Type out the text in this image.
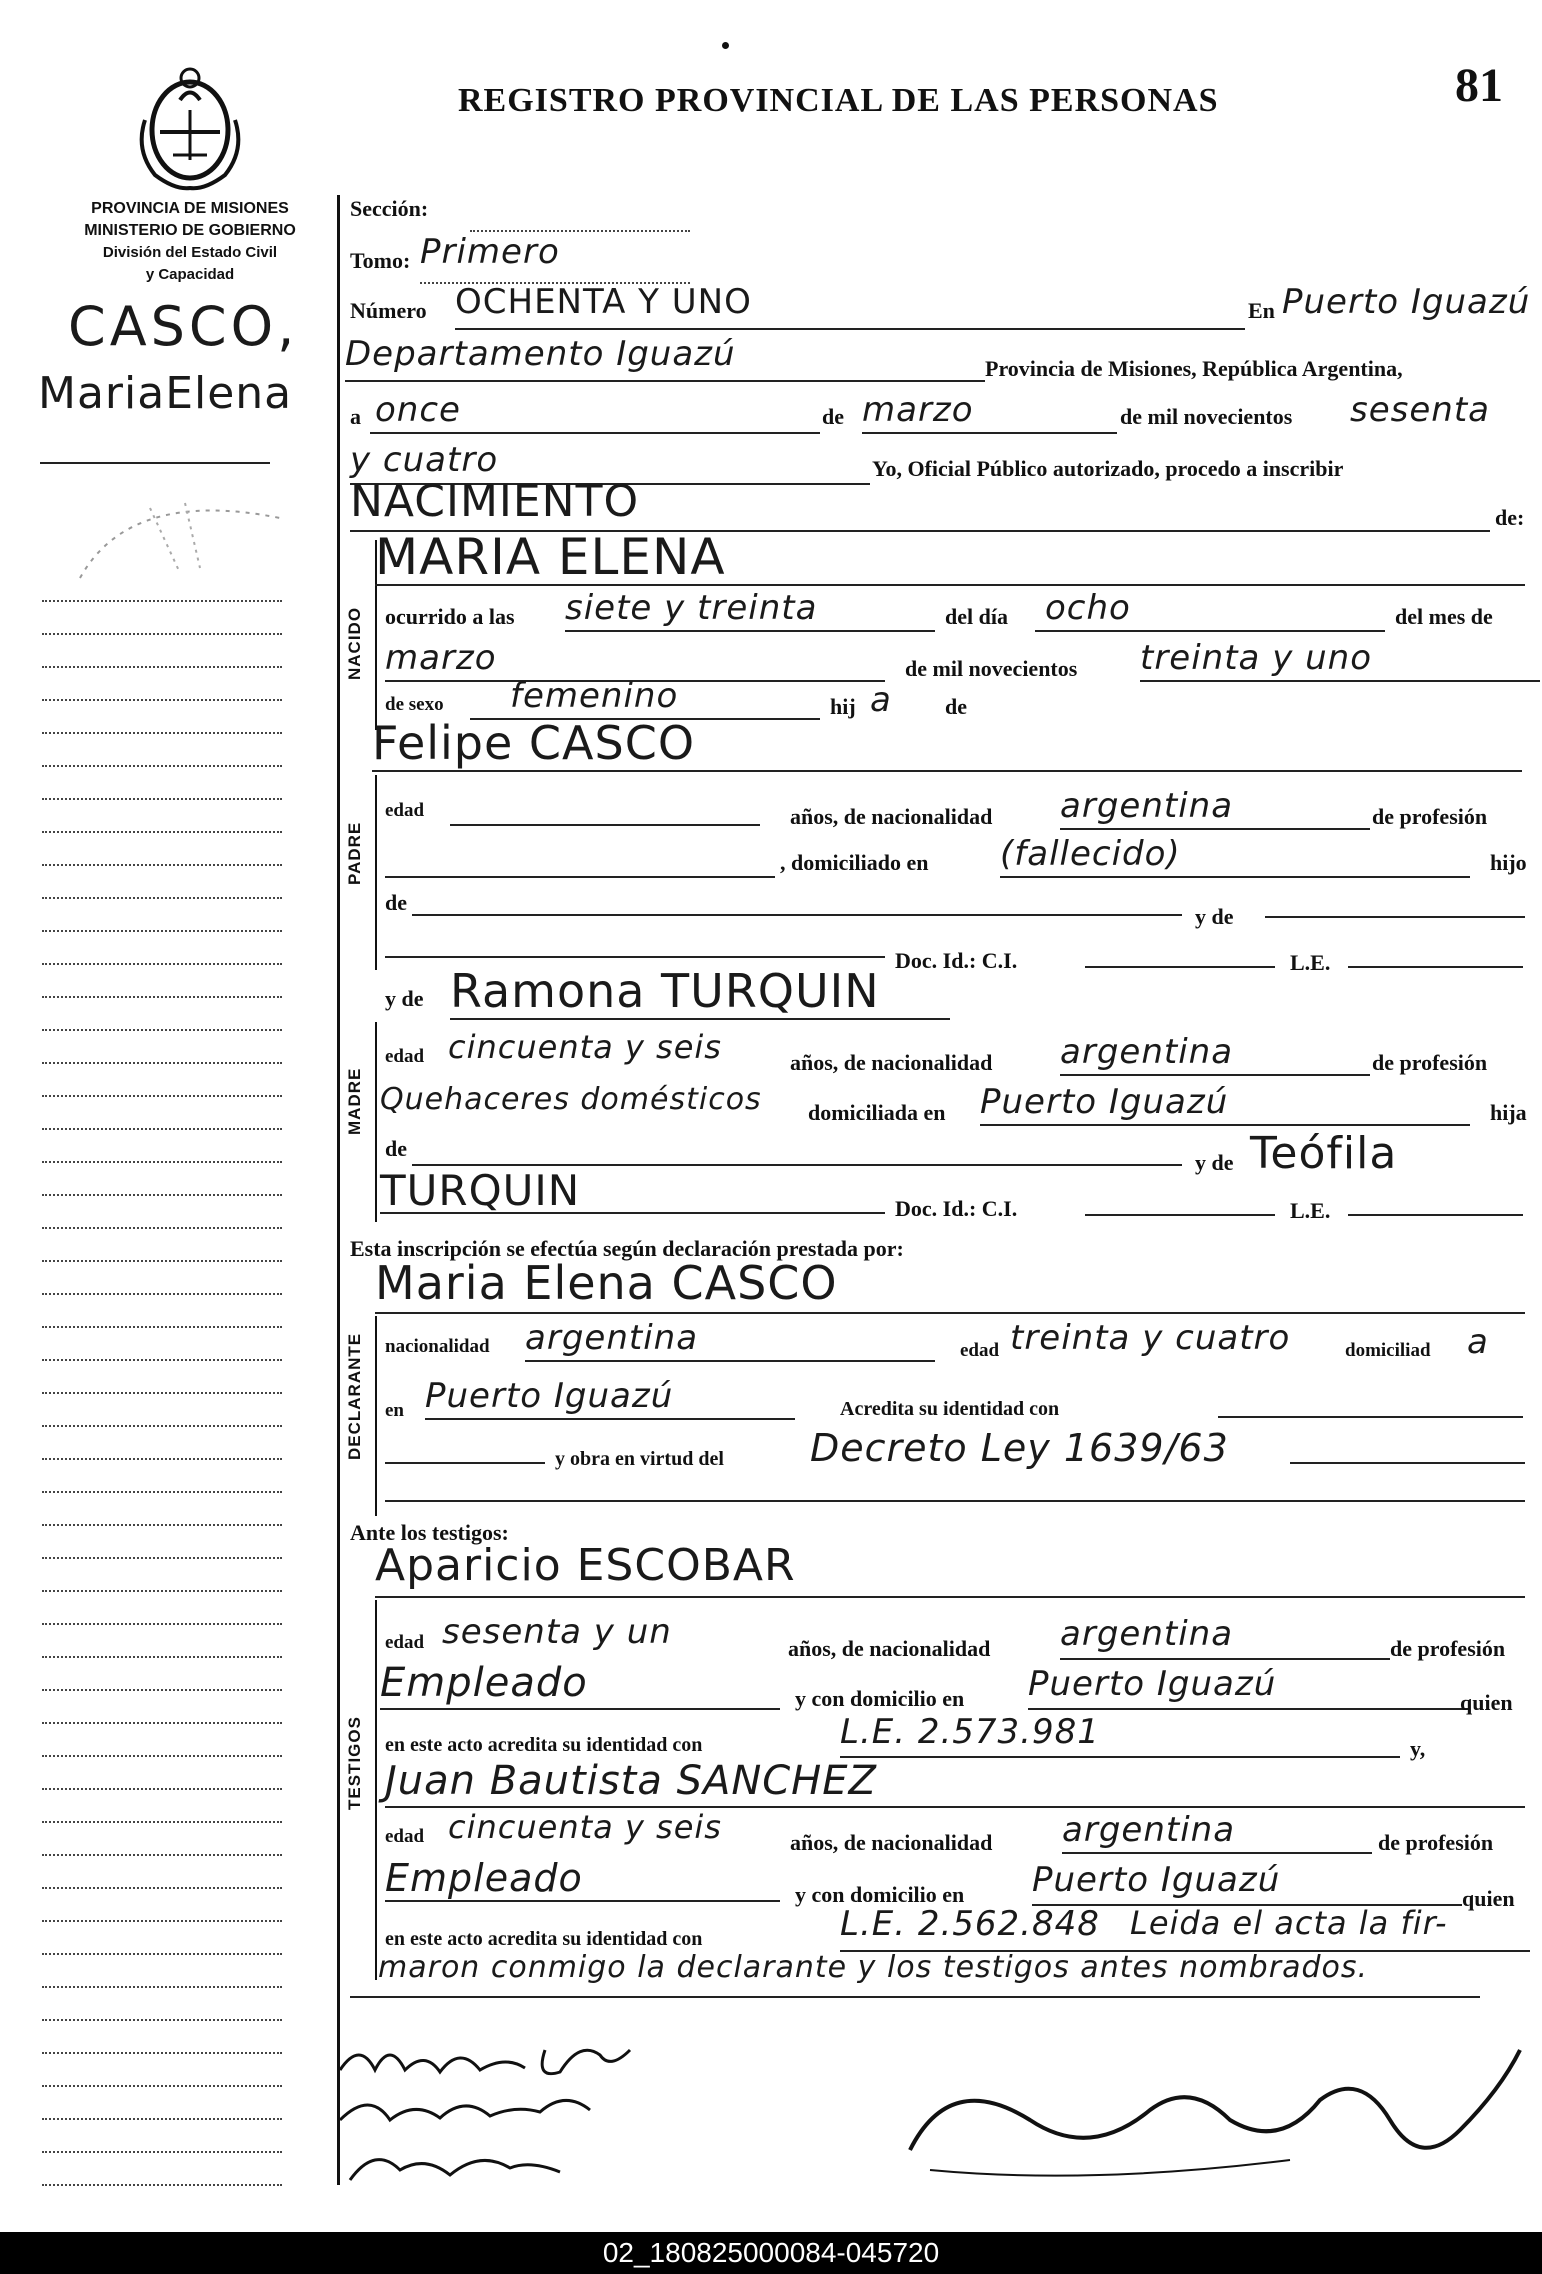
REGISTRO PROVINCIAL DE LAS PERSONAS	81
PROVINCIA DE MISIONES
MINISTERIO DE GOBIERNO
División del Estado Civil
y Capacidad
CASCO,
MariaElena
Sección:
Tomo: Primero
Número OCHENTA Y UNO	En Puerto Iguazú
Departamento Iguazú	Provincia de Misiones, República Argentina,
a once	de marzo	de mil novecientos sesenta
y cuatro	Yo, Oficial Público autorizado, procedo a inscribir
NACIMIENTO	de:
NACIDO
MARIA ELENA
ocurrido a las siete y treinta	del día ocho	del mes de
marzo	de mil novecientos treinta y uno
de sexo femenino	hij a de
Felipe CASCO
PADRE
edad	años, de nacionalidad argentina	de profesión
, domiciliado en (fallecido)	hijo
de
y de
Doc. Id.: C.I.	L.E.
y de Ramona TURQUIN
MADRE
edad cincuenta y seis	años, de nacionalidad argentina	de profesión
Quehaceres domésticos domiciliada en Puerto Iguazú	hija
de
y de Teófila
TURQUIN	Doc. Id.: C.I.	L.E.
Esta inscripción se efectúa según declaración prestada por:
Maria Elena CASCO
DECLARANTE nacionalidad argentina	edad treinta y cuatro	domiciliad a
en Puerto Iguazú	Acredita su identidad con
y obra en virtud del Decreto Ley 1639/63
Ante los testigos:
Aparicio ESCOBAR
TESTIGOS
edad sesenta y un	años, de nacionalidad argentina	de profesión
Empleado	y con domicilio en Puerto Iguazú	quien
en este acto acredita su identidad con	L.E. 2.573.981	y,
Juan Bautista SANCHEZ
edad cincuenta y seis	años, de nacionalidad argentina	de profesión
Empleado	y con domicilio en Puerto Iguazú	quien
en este acto acredita su identidad con	L.E. 2.562.848 Leida el acta la fir-
maron conmigo la declarante y los testigos antes nombrados.
02_180825000084-045720
